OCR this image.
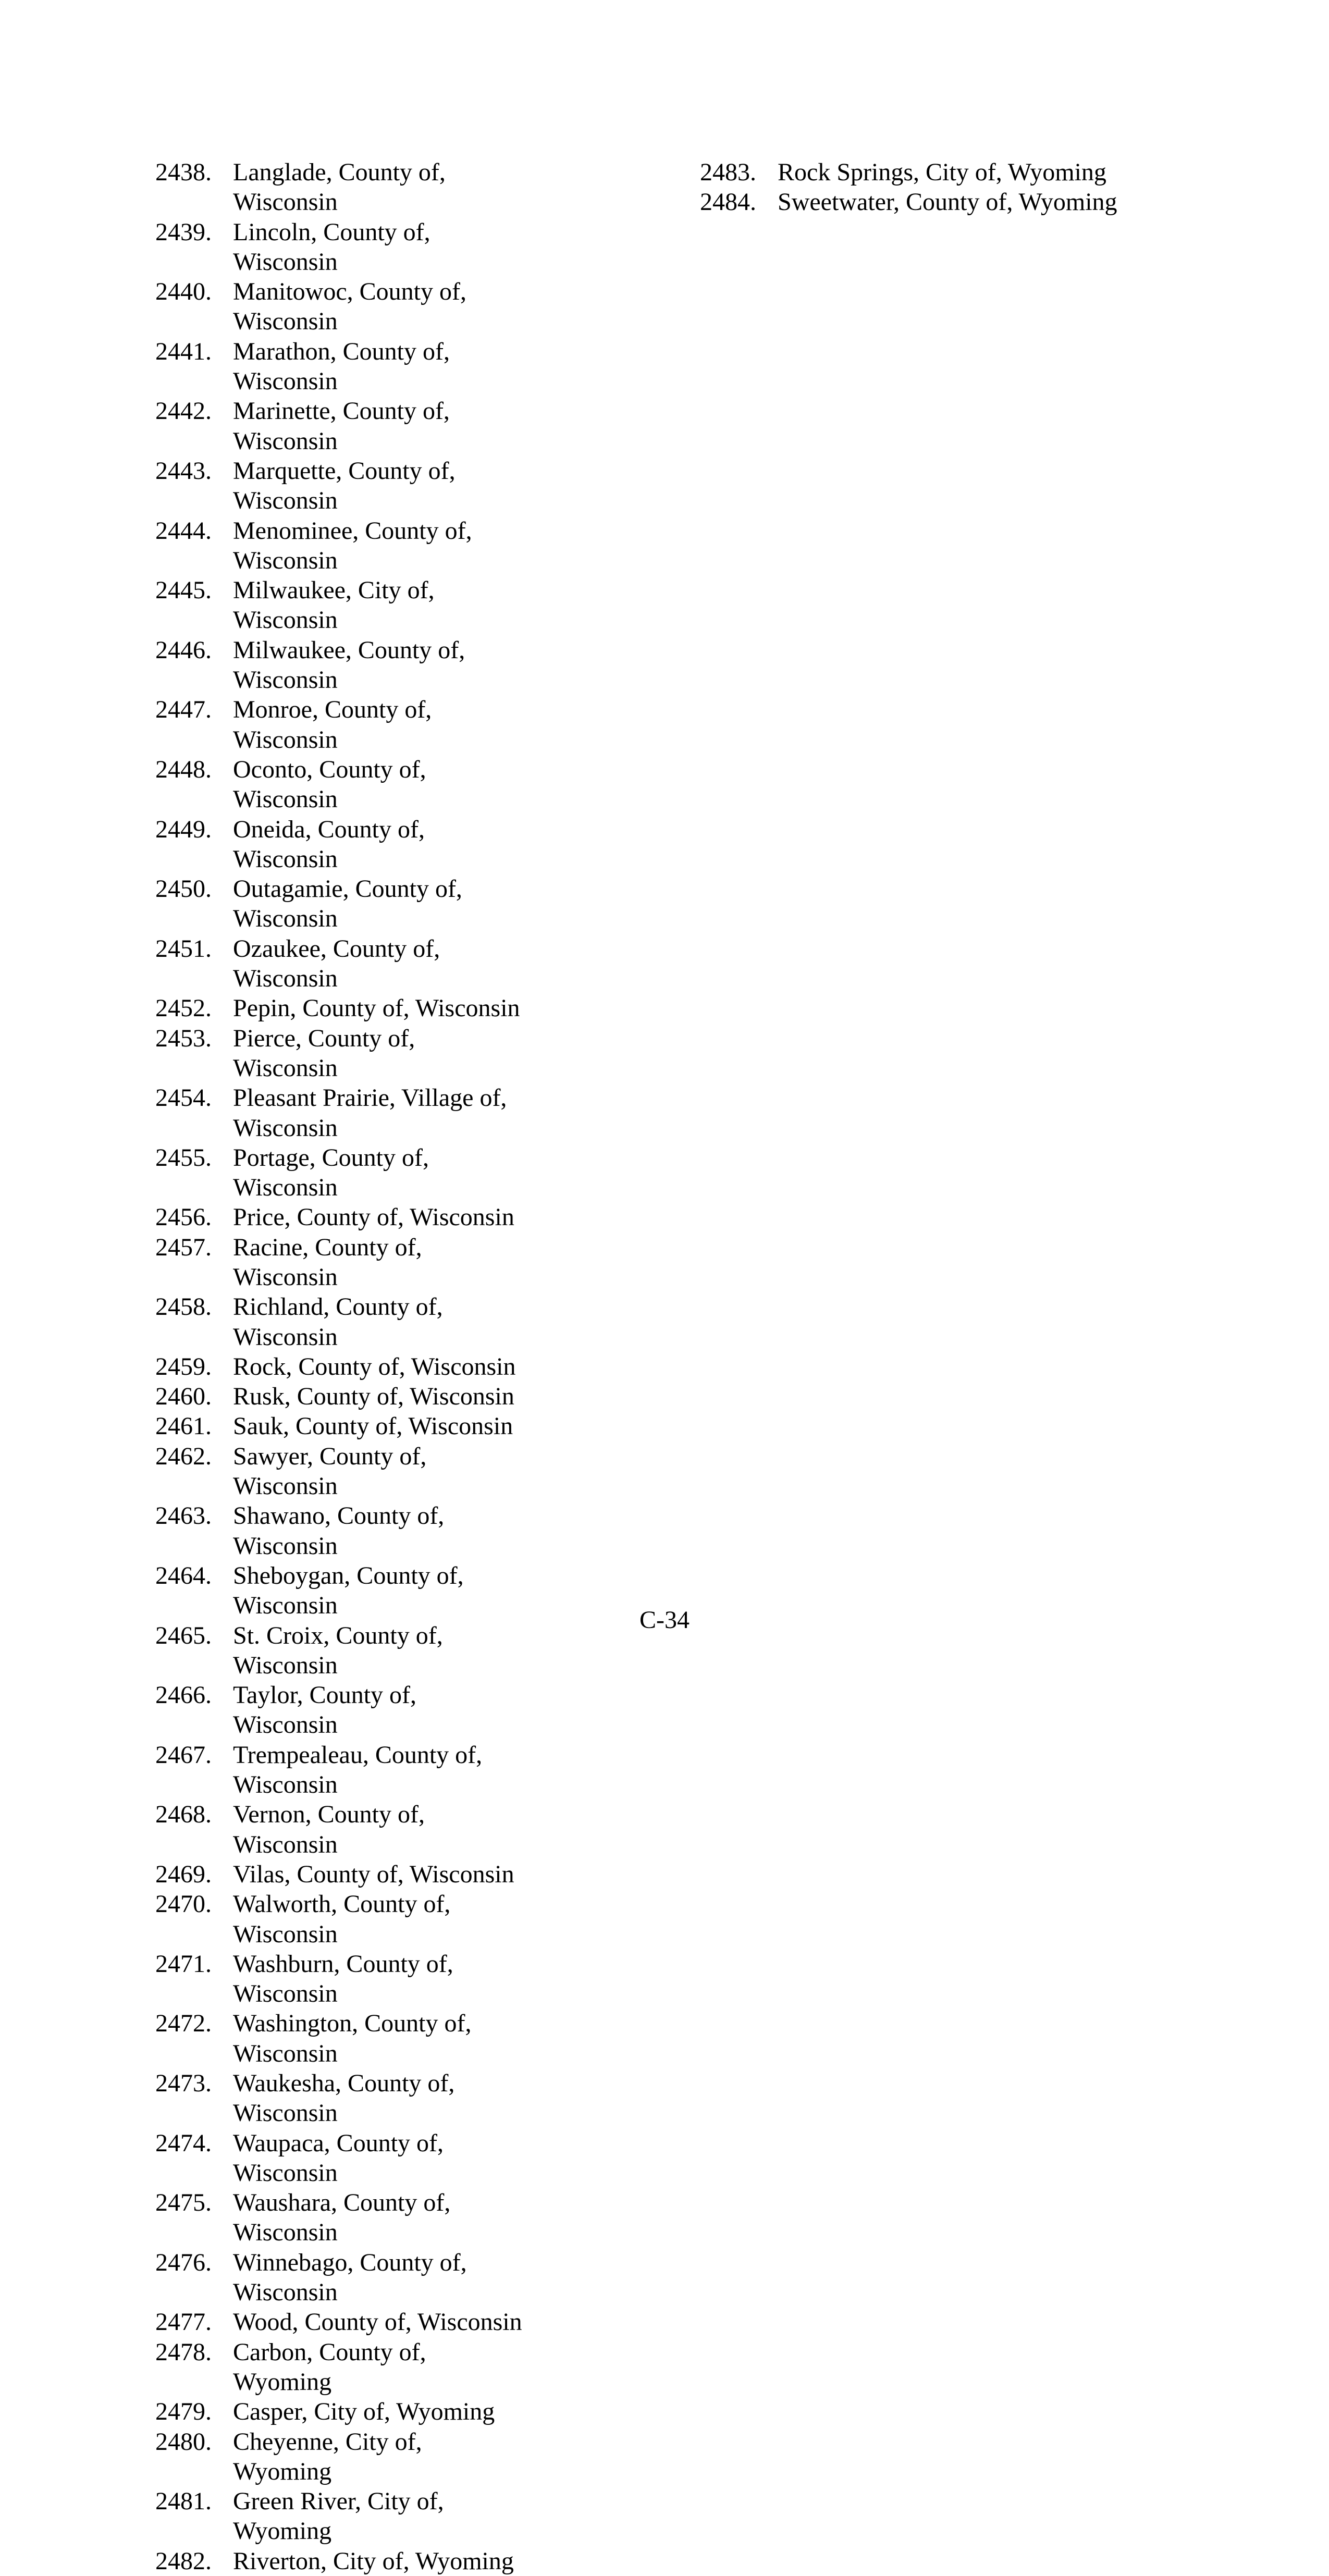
2438. Langlade, County of, Wisconsin
2439. Lincoln, County of, Wisconsin
2440. Manitowoc, County of, Wisconsin
2441. Marathon, County of, Wisconsin
2442. Marinette, County of, Wisconsin
2443. Marquette, County of, Wisconsin
2444. Menominee, County of, Wisconsin
2445. Milwaukee, City of, Wisconsin
2446. Milwaukee, County of, Wisconsin
2447. Monroe, County of, Wisconsin
2448. Oconto, County of, Wisconsin
2449. Oneida, County of, Wisconsin
2450. Outagamie, County of, Wisconsin
2451. Ozaukee, County of, Wisconsin
2452. Pepin, County of, Wisconsin
2453. Pierce, County of, Wisconsin
2454. Pleasant Prairie, Village of, Wisconsin
2455. Portage, County of, Wisconsin
2456. Price, County of, Wisconsin
2457. Racine, County of, Wisconsin
2458. Richland, County of, Wisconsin
2459. Rock, County of, Wisconsin
2460. Rusk, County of, Wisconsin
2461. Sauk, County of, Wisconsin
2462. Sawyer, County of, Wisconsin
2463. Shawano, County of, Wisconsin
2464. Sheboygan, County of, Wisconsin
2465. St. Croix, County of, Wisconsin
2466. Taylor, County of, Wisconsin
2467. Trempealeau, County of, Wisconsin
2468. Vernon, County of, Wisconsin
2469. Vilas, County of, Wisconsin
2470. Walworth, County of, Wisconsin
2471. Washburn, County of, Wisconsin
2472. Washington, County of, Wisconsin
2473. Waukesha, County of, Wisconsin
2474. Waupaca, County of, Wisconsin
2475. Waushara, County of, Wisconsin
2476. Winnebago, County of, Wisconsin
2477. Wood, County of, Wisconsin
2478. Carbon, County of, Wyoming
2479. Casper, City of, Wyoming
2480. Cheyenne, City of, Wyoming
2481. Green River, City of, Wyoming
2482. Riverton, City of, Wyoming
2483. Rock Springs, City of, Wyoming
2484. Sweetwater, County of, Wyoming
C-34
